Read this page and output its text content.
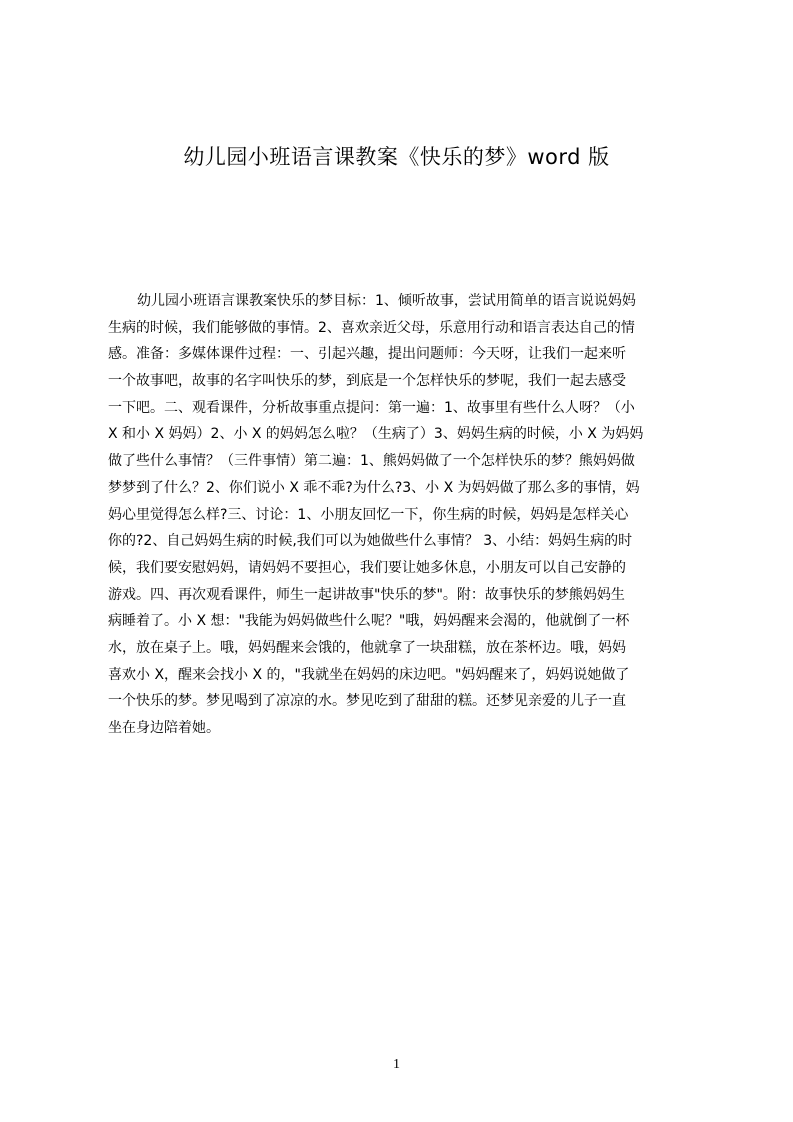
幼儿园小班语言课教案《快乐的梦》word 版
幼儿园小班语言课教案快乐的梦目标：1、倾听故事，尝试用简单的语言说说妈妈
生病的时候，我们能够做的事情。2、喜欢亲近父母，乐意用行动和语言表达自己的情
感。准备：多媒体课件过程：一、引起兴趣，提出问题师：今天呀，让我们一起来听
一个故事吧，故事的名字叫快乐的梦，到底是一个怎样快乐的梦呢，我们一起去感受
一下吧。二、观看课件，分析故事重点提问：第一遍：1、故事里有些什么人呀？（小
X 和小 X 妈妈）2、小 X 的妈妈怎么啦？（生病了）3、妈妈生病的时候，小 X 为妈妈
做了些什么事情？（三件事情）第二遍：1、熊妈妈做了一个怎样快乐的梦？熊妈妈做
梦梦到了什么？2、你们说小 X 乖不乖?为什么?3、小 X 为妈妈做了那么多的事情，妈
妈心里觉得怎么样?三、讨论：1、小朋友回忆一下，你生病的时候，妈妈是怎样关心
你的?2、自己妈妈生病的时候,我们可以为她做些什么事情？ 3、小结：妈妈生病的时
候，我们要安慰妈妈，请妈妈不要担心，我们要让她多休息，小朋友可以自己安静的
游戏。四、再次观看课件，师生一起讲故事"快乐的梦"。附：故事快乐的梦熊妈妈生
病睡着了。小 X 想："我能为妈妈做些什么呢？"哦，妈妈醒来会渴的，他就倒了一杯
水，放在桌子上。哦，妈妈醒来会饿的，他就拿了一块甜糕，放在茶杯边。哦，妈妈
喜欢小 X，醒来会找小 X 的，"我就坐在妈妈的床边吧。"妈妈醒来了，妈妈说她做了
一个快乐的梦。梦见喝到了凉凉的水。梦见吃到了甜甜的糕。还梦见亲爱的儿子一直
坐在身边陪着她。
1
